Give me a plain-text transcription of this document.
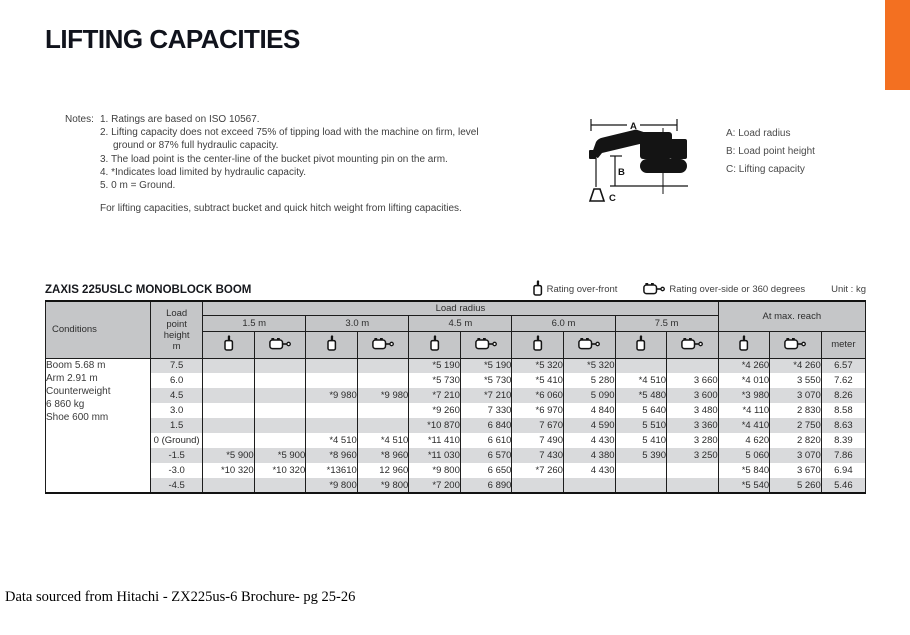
LIFTING CAPACITIES
Notes: 1. Ratings are based on ISO 10567.
2. Lifting capacity does not exceed 75% of tipping load with the machine on firm, level ground or 87% full hydraulic capacity.
3. The load point is the center-line of the bucket pivot mounting pin on the arm.
4. *Indicates load limited by hydraulic capacity.
5. 0 m = Ground.
For lifting capacities, subtract bucket and quick hitch weight from lifting capacities.
A
B
C
A: Load radius
B: Load point height
C: Lifting capacity
ZAXIS 225USLC MONOBLOCK BOOM	Rating over-front	Rating over-side or 360 degrees	Unit : kg
Conditions	Load point height m	Load radius										At max. reach		
		1.5 m		3.0 m		4.5 m		6.0 m		7.5 m				
												meter

Boom 5.68 m
Arm 2.91 m
Counterweight
6 860 kg
Shoe 600 mm	7.5					*5 190	*5 190	*5 320	*5 320			*4 260	*4 260	6.57
	6.0					*5 730	*5 730	*5 410	5 280	*4 510	3 660	*4 010	3 550	7.62
	4.5			*9 980	*9 980	*7 210	*7 210	*6 060	5 090	*5 480	3 600	*3 980	3 070	8.26
	3.0					*9 260	7 330	*6 970	4 840	5 640	3 480	*4 110	2 830	8.58
	1.5					*10 870	6 840	7 670	4 590	5 510	3 360	*4 410	2 750	8.63
	0 (Ground)			*4 510	*4 510	*11 410	6 610	7 490	4 430	5 410	3 280	4 620	2 820	8.39
	-1.5	*5 900	*5 900	*8 960	*8 960	*11 030	6 570	7 430	4 380	5 390	3 250	5 060	3 070	7.86
	-3.0	*10 320	*10 320	*13610	12 960	*9 800	6 650	*7 260	4 430			*5 840	3 670	6.94
	-4.5			*9 800	*9 800	*7 200	6 890					*5 540	5 260	5.46
Data sourced from Hitachi - ZX225us-6 Brochure- pg 25-26
